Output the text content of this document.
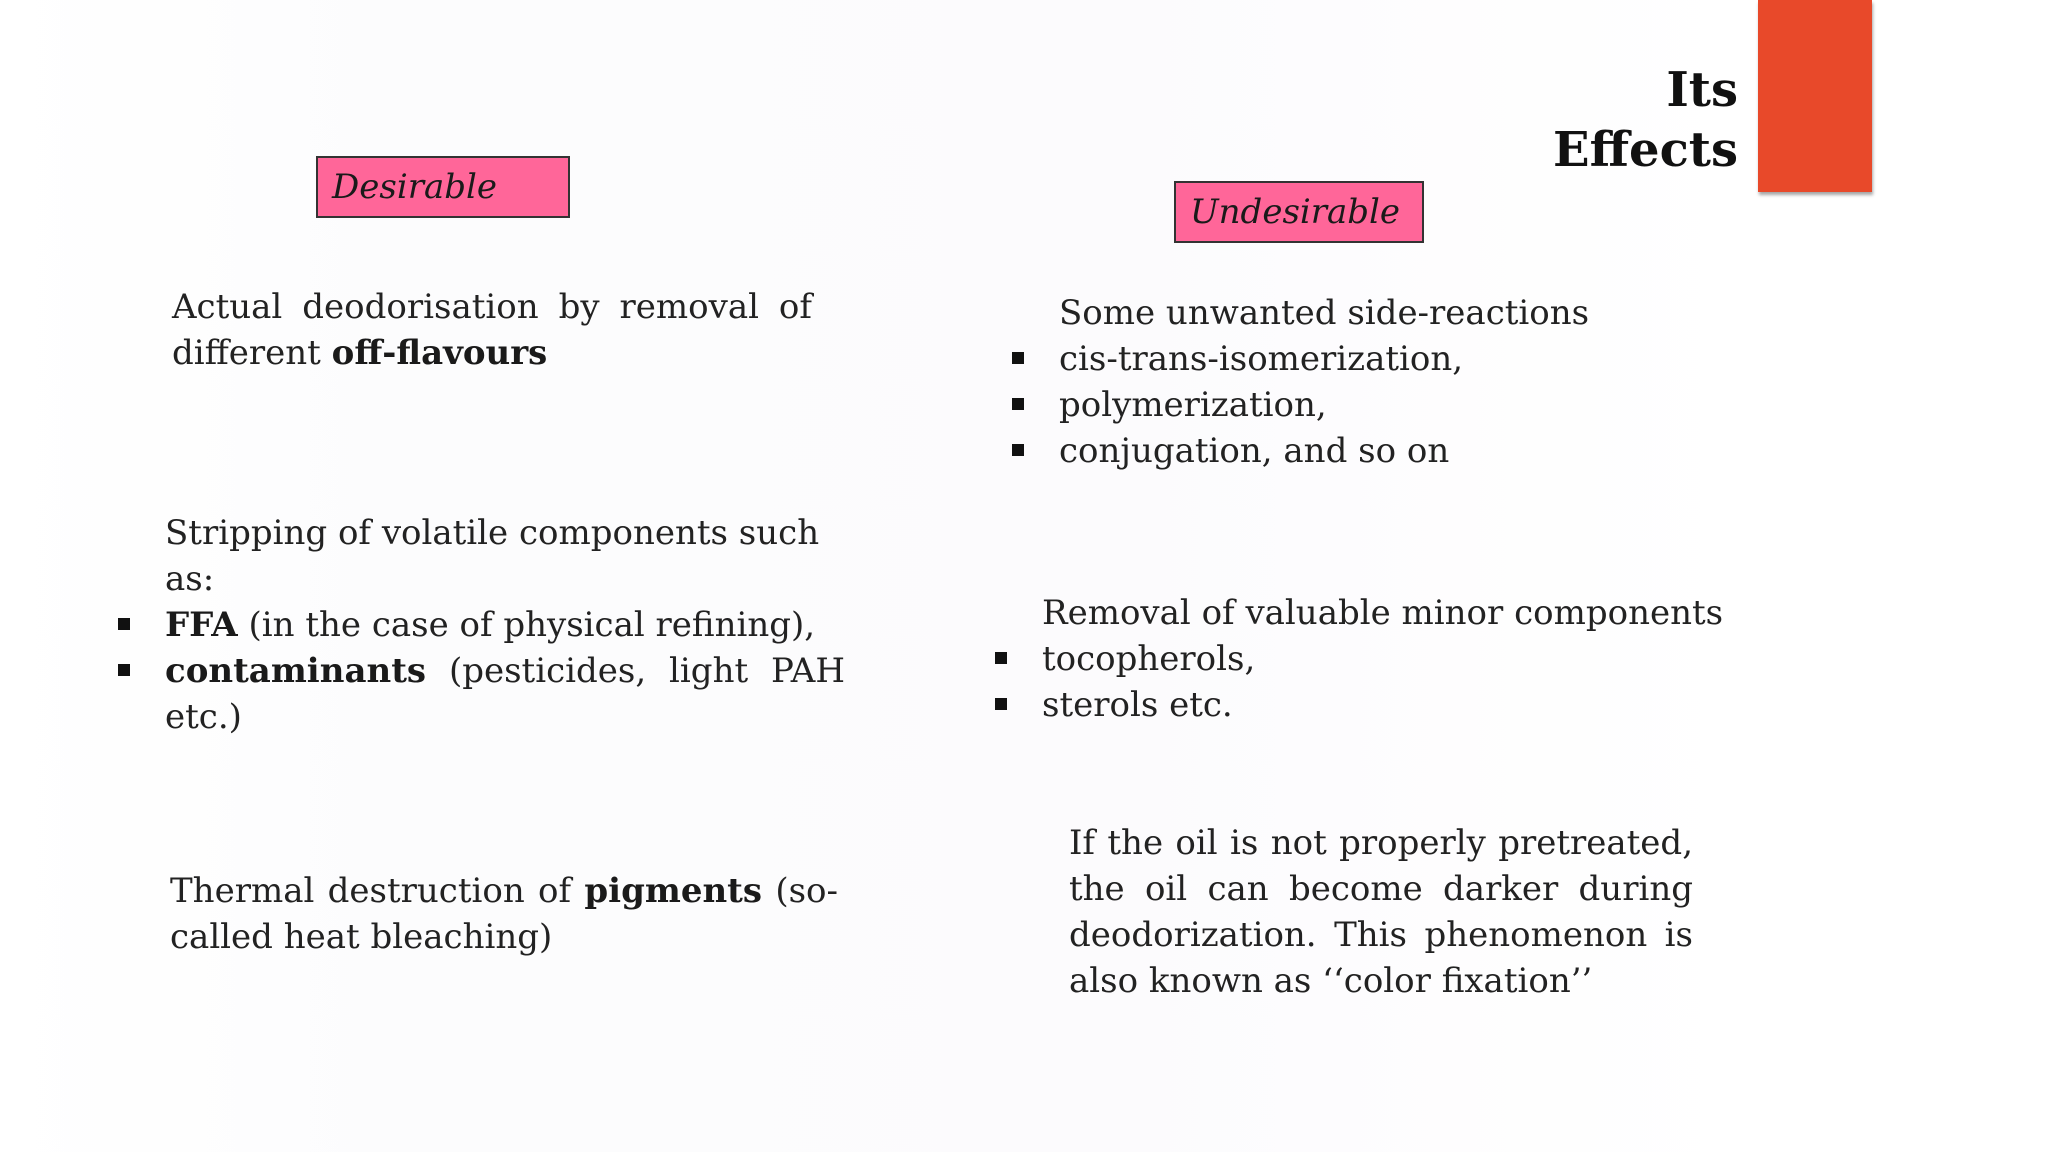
Its
Effects
Desirable
Undesirable

Actual deodorisation by removal of different off-flavours

Stripping of volatile components such as:
FFA (in the case of physical refining),
contaminants (pesticides, light PAH etc.)

Thermal destruction of pigments (so-called heat bleaching)

Some unwanted side-reactions
cis-trans-isomerization,
polymerization,
conjugation, and so on
Removal of valuable minor components
tocopherols,
sterols etc.

If the oil is not properly pretreated, the oil can become darker during deodorization. This phenomenon is also known as ‘‘color fixation’’
